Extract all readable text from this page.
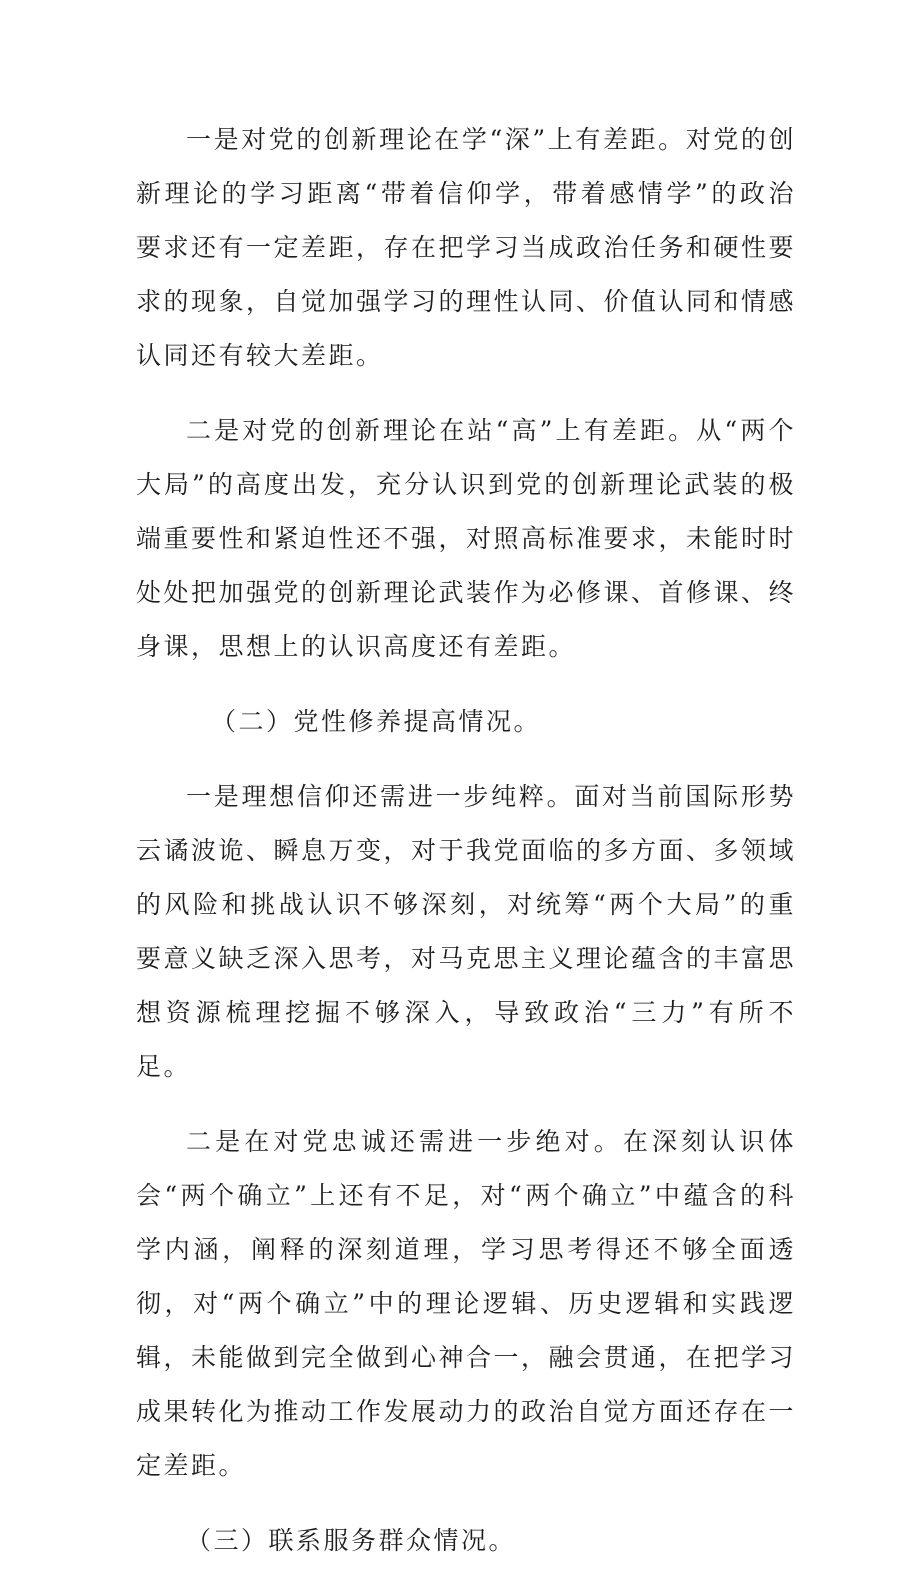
一是对党的创新理论在学“深”上有差距。对党的创新理论的学习距离“带着信仰学，带着感情学”的政治要求还有一定差距，存在把学习当成政治任务和硬性要求的现象，自觉加强学习的理性认同、价值认同和情感认同还有较大差距。

二是对党的创新理论在站“高”上有差距。从“两个大局”的高度出发，充分认识到党的创新理论武装的极端重要性和紧迫性还不强，对照高标准要求，未能时时处处把加强党的创新理论武装作为必修课、首修课、终身课，思想上的认识高度还有差距。

（二）党性修养提高情况。

一是理想信仰还需进一步纯粹。面对当前国际形势云谲波诡、瞬息万变，对于我党面临的多方面、多领域的风险和挑战认识不够深刻，对统筹“两个大局”的重要意义缺乏深入思考，对马克思主义理论蕴含的丰富思想资源梳理挖掘不够深入，导致政治“三力”有所不足。

二是在对党忠诚还需进一步绝对。在深刻认识体会“两个确立”上还有不足，对“两个确立”中蕴含的科学内涵，阐释的深刻道理，学习思考得还不够全面透彻，对“两个确立”中的理论逻辑、历史逻辑和实践逻辑，未能做到完全做到心神合一，融会贯通，在把学习成果转化为推动工作发展动力的政治自觉方面还存在一定差距。

（三）联系服务群众情况。
